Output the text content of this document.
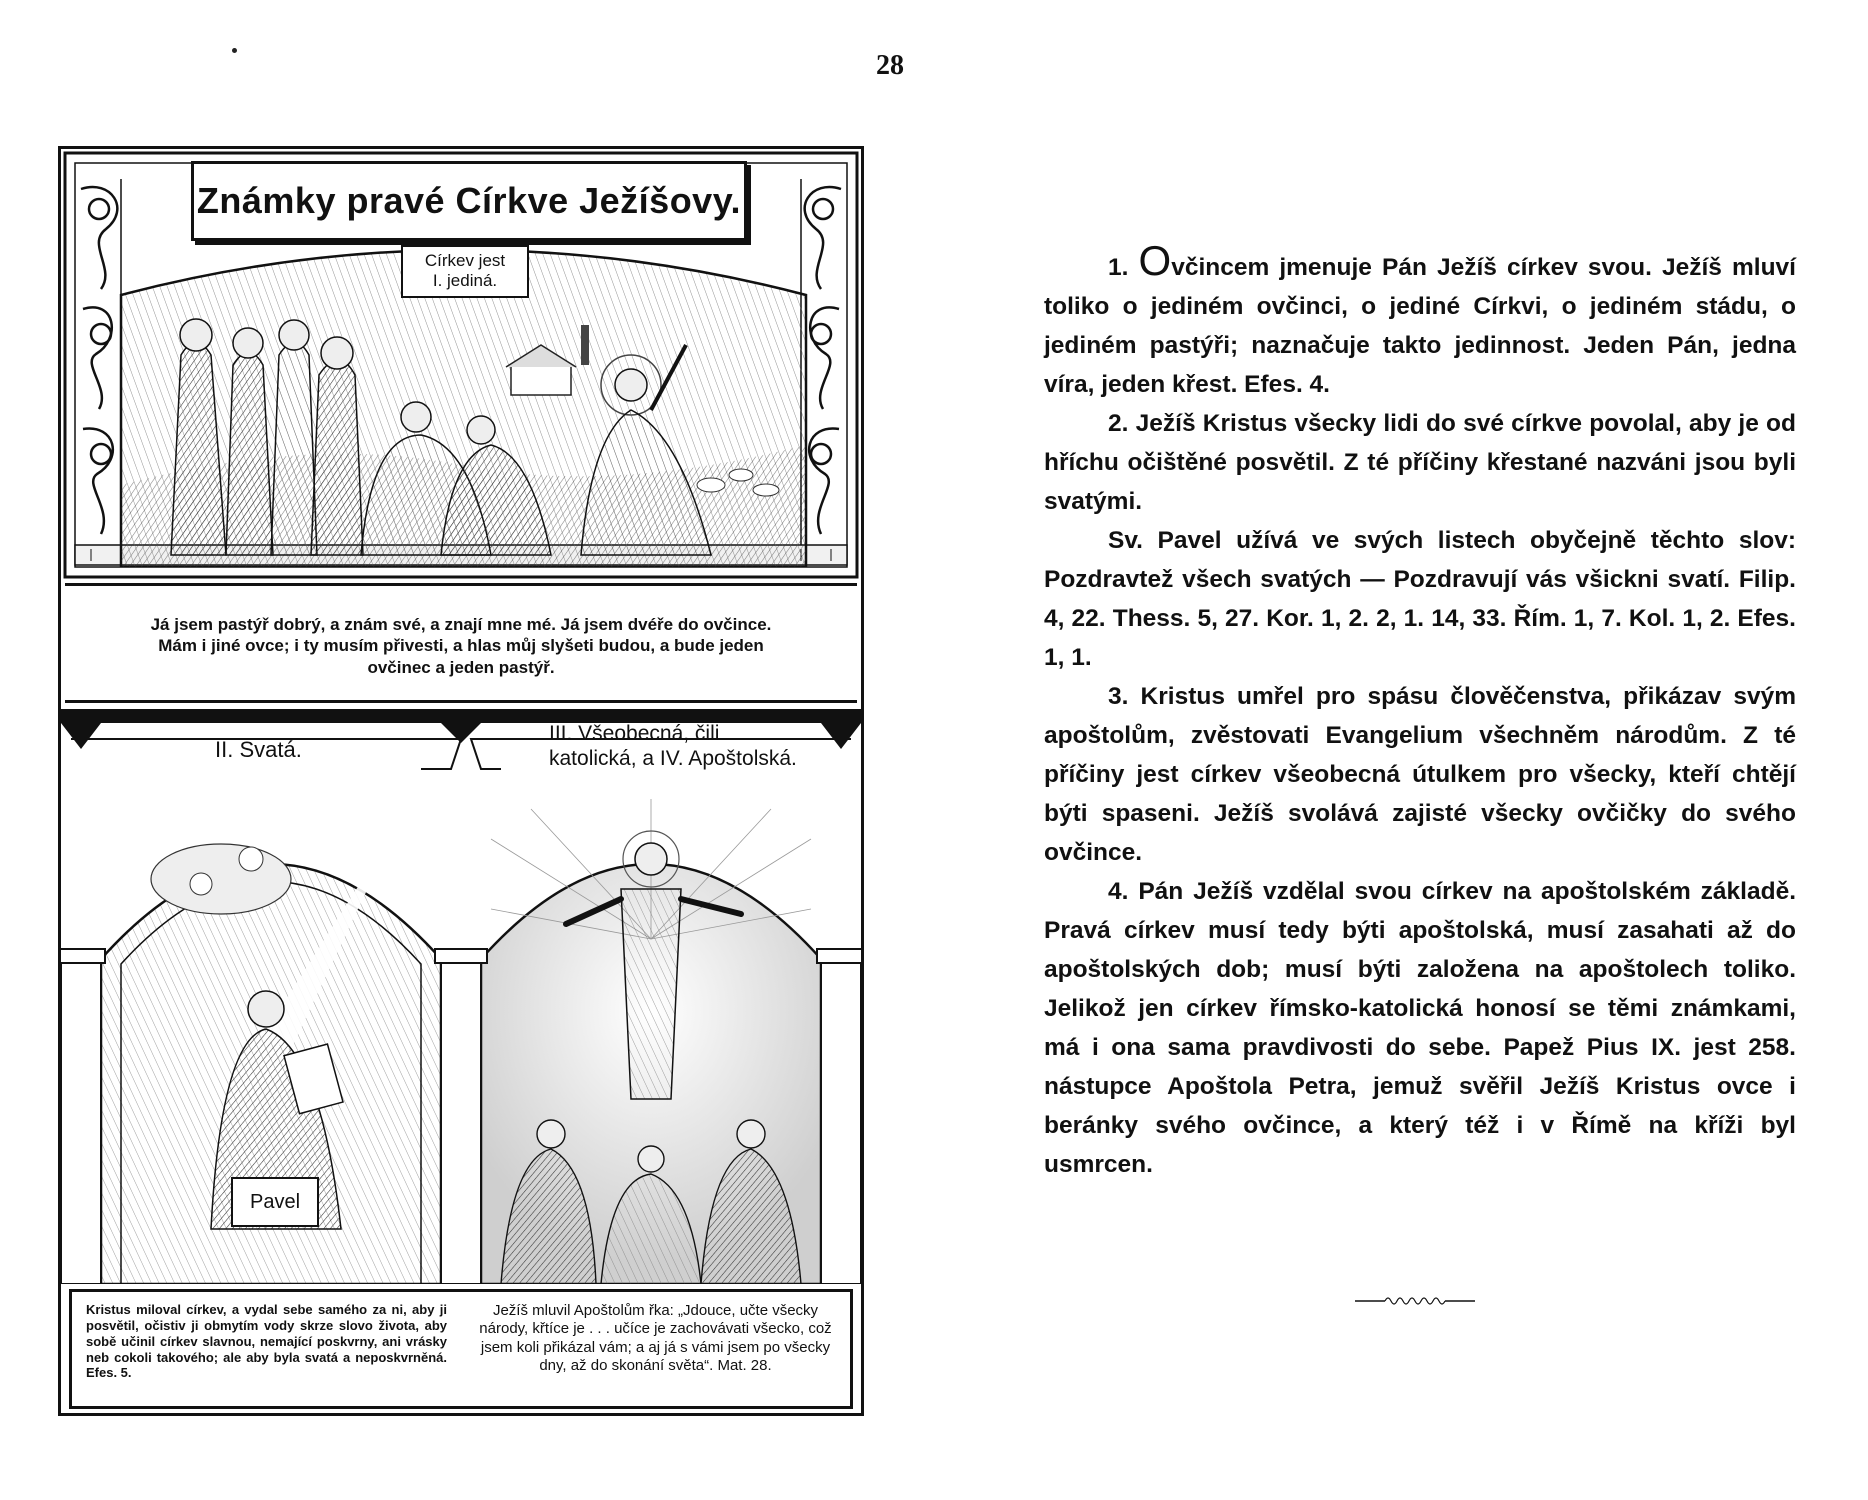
28
Známky pravé Církve Ježíšovy.
Církev jest
I. jediná.
Já jsem pastýř dobrý, a znám své, a znají mne mé. Já jsem dvéře do ovčince. Mám i jiné ovce; i ty musím přivesti, a hlas můj slyšeti budou, a bude jeden ovčinec a jeden pastýř.
II. Svatá.
III. Všeobecná, čili katolická, a IV. Apoštolská.
Pavel
Kristus miloval církev, a vydal sebe samého za ni, aby ji posvětil, očistiv ji obmytím vody skrze slovo života, aby sobě učinil církev slavnou, nemající poskvrny, ani vrásky neb cokoli takového; ale aby byla svatá a neposkvrněná. Efes. 5.
Ježíš mluvil Apoštolům řka: „Jdouce, učte všecky národy, křtíce je . . . učíce je zachovávati všecko, což jsem koli přikázal vám; a aj já s vámi jsem po všecky dny, až do skonání světa“. Mat. 28.

1. Ovčincem jmenuje Pán Ježíš církev svou. Ježíš mluví toliko o jediném ovčinci, o jediné Církvi, o jediném stádu, o jediném pastýři; naznačuje takto jedinnost. Jeden Pán, jedna víra, jeden křest. Efes. 4.

2. Ježíš Kristus všecky lidi do své církve povolal, aby je od hříchu očištěné posvětil. Z té příčiny křestané nazváni jsou byli svatými.

Sv. Pavel užívá ve svých listech obyčejně těchto slov: Pozdravtež všech svatých — Pozdravují vás všickni svatí. Filip. 4, 22. Thess. 5, 27. Kor. 1, 2. 2, 1. 14, 33. Řím. 1, 7. Kol. 1, 2. Efes. 1, 1.

3. Kristus umřel pro spásu člověčenstva, přikázav svým apoštolům, zvěstovati Evangelium všechněm národům. Z té příčiny jest církev všeobecná útulkem pro všecky, kteří chtějí býti spaseni. Ježíš svolává zajisté všecky ovčičky do svého ovčince.

4. Pán Ježíš vzdělal svou církev na apoštolském základě. Pravá církev musí tedy býti apoštolská, musí zasahati až do apoštolských dob; musí býti založena na apoštolech toliko. Jelikož jen církev římsko-katolická honosí se těmi známkami, má i ona sama pravdivosti do sebe. Papež Pius IX. jest 258. nástupce Apoštola Petra, jemuž svěřil Ježíš Kristus ovce i beránky svého ovčince, a který též i v Římě na kříži byl usmrcen.
